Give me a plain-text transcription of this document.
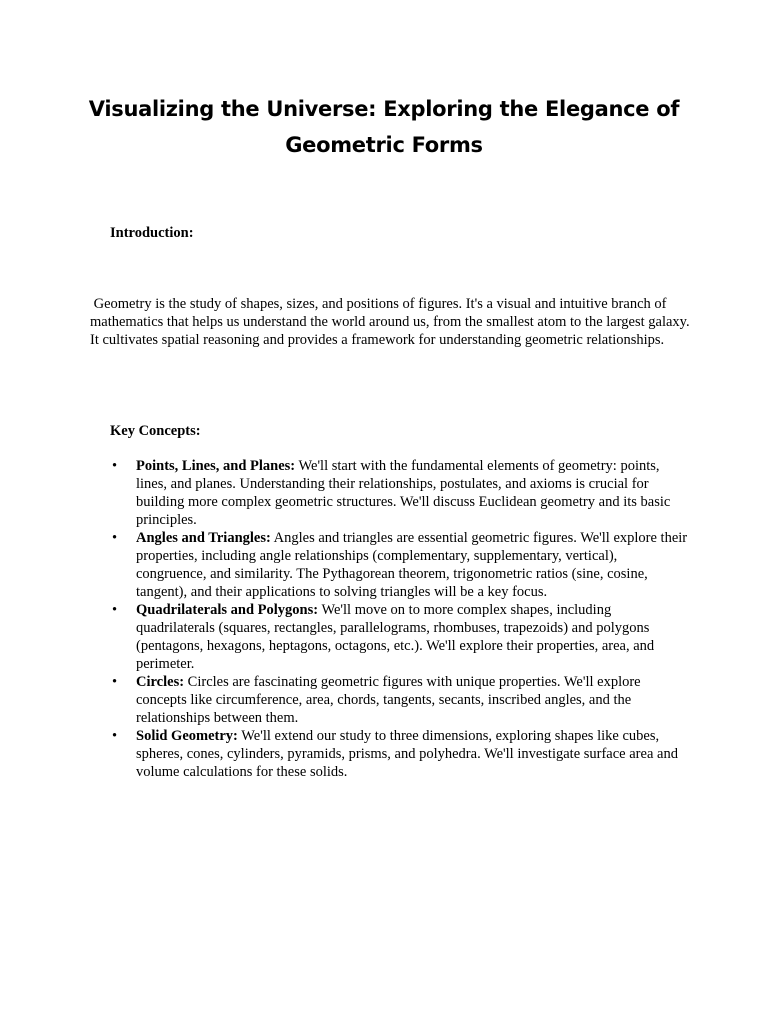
Visualizing the Universe: Exploring the Elegance of Geometric Forms

Introduction:

Geometry is the study of shapes, sizes, and positions of figures. It's a visual and intuitive branch of mathematics that helps us understand the world around us, from the smallest atom to the largest galaxy. It cultivates spatial reasoning and provides a framework for understanding geometric relationships.

Key Concepts:

• Points, Lines, and Planes: We'll start with the fundamental elements of geometry: points, lines, and planes. Understanding their relationships, postulates, and axioms is crucial for building more complex geometric structures. We'll discuss Euclidean geometry and its basic principles.
• Angles and Triangles: Angles and triangles are essential geometric figures. We'll explore their properties, including angle relationships (complementary, supplementary, vertical), congruence, and similarity. The Pythagorean theorem, trigonometric ratios (sine, cosine, tangent), and their applications to solving triangles will be a key focus.
• Quadrilaterals and Polygons: We'll move on to more complex shapes, including quadrilaterals (squares, rectangles, parallelograms, rhombuses, trapezoids) and polygons (pentagons, hexagons, heptagons, octagons, etc.). We'll explore their properties, area, and perimeter.
• Circles: Circles are fascinating geometric figures with unique properties. We'll explore concepts like circumference, area, chords, tangents, secants, inscribed angles, and the relationships between them.
• Solid Geometry: We'll extend our study to three dimensions, exploring shapes like cubes, spheres, cones, cylinders, pyramids, prisms, and polyhedra. We'll investigate surface area and volume calculations for these solids.
